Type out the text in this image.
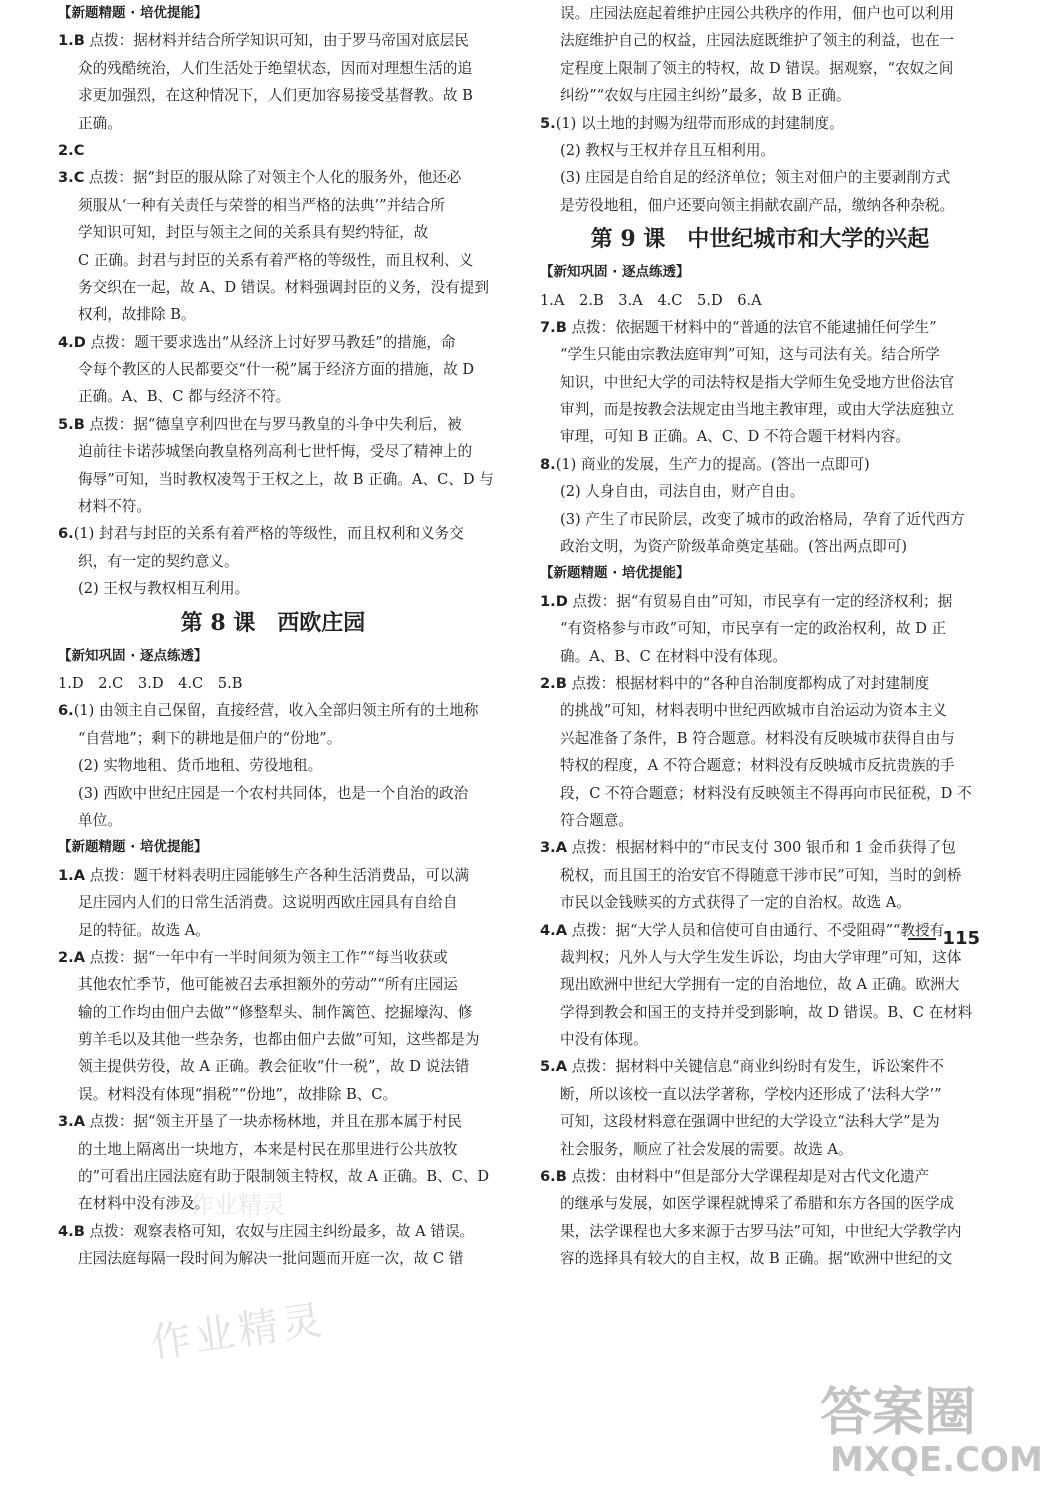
【新题精题 · 培优提能】
1.B 点拨：据材料并结合所学知识可知，由于罗马帝国对底层民
众的残酷统治，人们生活处于绝望状态，因而对理想生活的追
求更加强烈，在这种情况下，人们更加容易接受基督教。故 B
正确。
2.C
3.C 点拨：据“封臣的服从除了对领主个人化的服务外，他还必
须服从‘一种有关责任与荣誉的相当严格的法典’”并结合所
学知识可知，封臣与领主之间的关系具有契约特征，故
C 正确。封君与封臣的关系有着严格的等级性，而且权利、义
务交织在一起，故 A、D 错误。材料强调封臣的义务，没有提到
权利，故排除 B。
4.D 点拨：题干要求选出“从经济上讨好罗马教廷”的措施，命
令每个教区的人民都要交“什一税”属于经济方面的措施，故 D
正确。A、B、C 都与经济不符。
5.B 点拨：据“德皇亨利四世在与罗马教皇的斗争中失利后，被
迫前往卡诺莎城堡向教皇格列高利七世忏悔，受尽了精神上的
侮辱”可知，当时教权凌驾于王权之上，故 B 正确。A、C、D 与
材料不符。
6.(1) 封君与封臣的关系有着严格的等级性，而且权利和义务交
织，有一定的契约意义。
(2) 王权与教权相互利用。
第 8 课　西欧庄园
【新知巩固 · 逐点练透】
1.D　2.C　3.D　4.C　5.B
6.(1) 由领主自己保留，直接经营，收入全部归领主所有的土地称
“自营地”；剩下的耕地是佃户的“份地”。
(2) 实物地租、货币地租、劳役地租。
(3) 西欧中世纪庄园是一个农村共同体，也是一个自治的政治
单位。
【新题精题 · 培优提能】
1.A 点拨：题干材料表明庄园能够生产各种生活消费品，可以满
足庄园内人们的日常生活消费。这说明西欧庄园具有自给自
足的特征。故选 A。
2.A 点拨：据“一年中有一半时间须为领主工作”“每当收获或
其他农忙季节，他可能被召去承担额外的劳动”“所有庄园运
输的工作均由佃户去做”“修整犁头、制作篱笆、挖掘壕沟、修
剪羊毛以及其他一些杂务，也都由佃户去做”可知，这些都是为
领主提供劳役，故 A 正确。教会征收“什一税”，故 D 说法错
误。材料没有体现“捐税”“份地”，故排除 B、C。
3.A 点拨：据“领主开垦了一块赤杨林地，并且在那本属于村民
的土地上隔离出一块地方，本来是村民在那里进行公共放牧
的”可看出庄园法庭有助于限制领主特权，故 A 正确。B、C、D
在材料中没有涉及。
4.B 点拨：观察表格可知，农奴与庄园主纠纷最多，故 A 错误。
庄园法庭每隔一段时间为解决一批问题而开庭一次，故 C 错
误。庄园法庭起着维护庄园公共秩序的作用，佃户也可以利用
法庭维护自己的权益，庄园法庭既维护了领主的利益，也在一
定程度上限制了领主的特权，故 D 错误。据观察，“农奴之间
纠纷”“农奴与庄园主纠纷”最多，故 B 正确。
5.(1) 以土地的封赐为纽带而形成的封建制度。
(2) 教权与王权并存且互相利用。
(3) 庄园是自给自足的经济单位；领主对佃户的主要剥削方式
是劳役地租，佃户还要向领主捐献农副产品，缴纳各种杂税。
第 9 课　中世纪城市和大学的兴起
【新知巩固 · 逐点练透】
1.A　2.B　3.A　4.C　5.D　6.A
7.B 点拨：依据题干材料中的“普通的法官不能逮捕任何学生”
“学生只能由宗教法庭审判”可知，这与司法有关。结合所学
知识，中世纪大学的司法特权是指大学师生免受地方世俗法官
审判，而是按教会法规定由当地主教审理，或由大学法庭独立
审理，可知 B 正确。A、C、D 不符合题干材料内容。
8.(1) 商业的发展，生产力的提高。(答出一点即可)
(2) 人身自由，司法自由，财产自由。
(3) 产生了市民阶层，改变了城市的政治格局，孕育了近代西方
政治文明，为资产阶级革命奠定基础。(答出两点即可)
【新题精题 · 培优提能】
1.D 点拨：据“有贸易自由”可知，市民享有一定的经济权利；据
“有资格参与市政”可知，市民享有一定的政治权利，故 D 正
确。A、B、C 在材料中没有体现。
2.B 点拨：根据材料中的“各种自治制度都构成了对封建制度
的挑战”可知，材料表明中世纪西欧城市自治运动为资本主义
兴起准备了条件，B 符合题意。材料没有反映城市获得自由与
特权的程度，A 不符合题意；材料没有反映城市反抗贵族的手
段，C 不符合题意；材料没有反映领主不得再向市民征税，D 不
符合题意。
3.A 点拨：根据材料中的“市民支付 300 银币和 1 金币获得了包
税权，而且国王的治安官不得随意干涉市民”可知，当时的剑桥
市民以金钱赎买的方式获得了一定的自治权。故选 A。
4.A 点拨：据“大学人员和信使可自由通行、不受阻碍”“教授有
裁判权；凡外人与大学生发生诉讼，均由大学审理”可知，这体
现出欧洲中世纪大学拥有一定的自治地位，故 A 正确。欧洲大
学得到教会和国王的支持并受到影响，故 D 错误。B、C 在材料
中没有体现。
5.A 点拨：据材料中关键信息“商业纠纷时有发生，诉讼案件不
断，所以该校一直以法学著称，学校内还形成了‘法科大学’”
可知，这段材料意在强调中世纪的大学设立“法科大学”是为
社会服务，顺应了社会发展的需要。故选 A。
6.B 点拨：由材料中“但是部分大学课程却是对古代文化遗产
的继承与发展，如医学课程就博采了希腊和东方各国的医学成
果，法学课程也大多来源于古罗马法”可知，中世纪大学教学内
容的选择具有较大的自主权，故 B 正确。据“欧洲中世纪的文
115
作业精灵
作业精灵
答案圈
MXQE.COM
